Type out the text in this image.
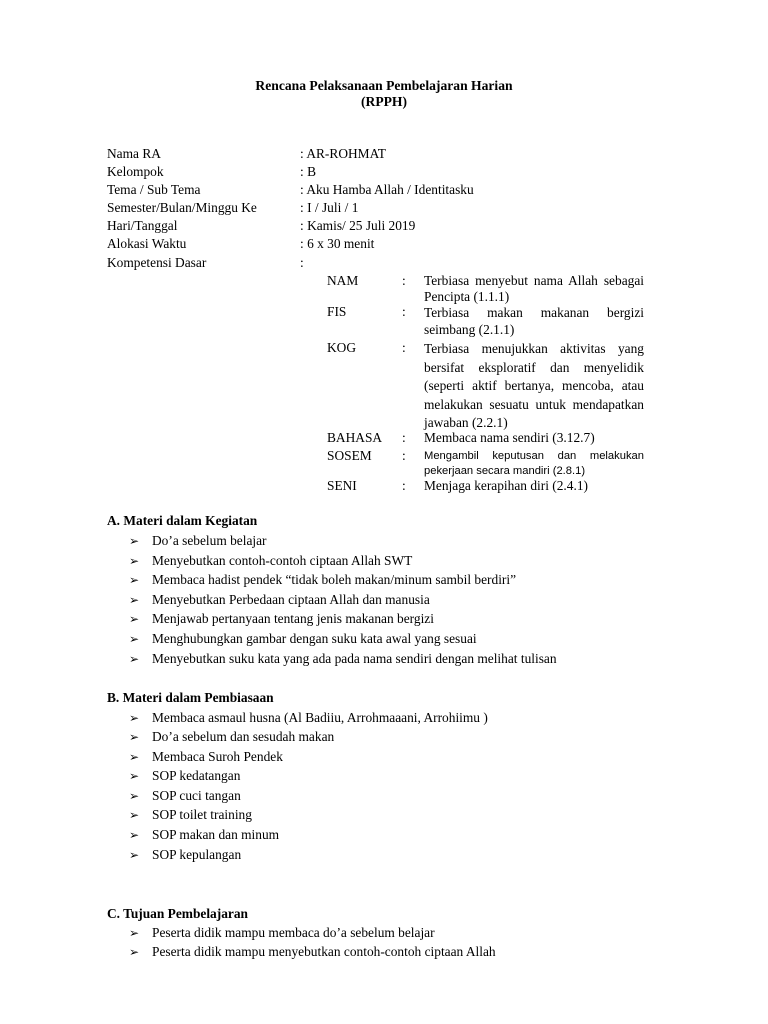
Rencana Pelaksanaan Pembelajaran Harian
(RPPH)
Nama RA	: AR-ROHMAT
Kelompok	: B
Tema / Sub Tema	: Aku Hamba Allah / Identitasku
Semester/Bulan/Minggu Ke	: I / Juli / 1
Hari/Tanggal	: Kamis/ 25 Juli 2019
Alokasi Waktu	: 6 x 30 menit
Kompetensi Dasar	:
NAM	: Terbiasa menyebut nama Allah sebagai Pencipta (1.1.1)
FIS	: Terbiasa makan makanan bergizi seimbang (2.1.1)
KOG	: Terbiasa menujukkan aktivitas yang bersifat eksploratif dan menyelidik (seperti aktif bertanya, mencoba, atau melakukan sesuatu untuk mendapatkan jawaban (2.2.1)
BAHASA : Membaca nama sendiri (3.12.7)
SOSEM : Mengambil keputusan dan melakukan pekerjaan secara mandiri (2.8.1)
SENI	: Menjaga kerapihan diri (2.4.1)
A. Materi dalam Kegiatan
➢ Do’a sebelum belajar
➢ Menyebutkan contoh-contoh ciptaan Allah SWT
➢ Membaca hadist pendek “tidak boleh makan/minum sambil berdiri”
➢ Menyebutkan Perbedaan ciptaan Allah dan manusia
➢ Menjawab pertanyaan tentang jenis makanan bergizi
➢ Menghubungkan gambar dengan suku kata awal yang sesuai
➢ Menyebutkan suku kata yang ada pada nama sendiri dengan melihat tulisan
B. Materi dalam Pembiasaan
➢ Membaca asmaul husna (Al Badiiu, Arrohmaaani, Arrohiimu )
➢ Do’a sebelum dan sesudah makan
➢ Membaca Suroh Pendek
➢ SOP kedatangan
➢ SOP cuci tangan
➢ SOP toilet training
➢ SOP makan dan minum
➢ SOP kepulangan
C. Tujuan Pembelajaran
➢ Peserta didik mampu membaca do’a sebelum belajar
➢ Peserta didik mampu menyebutkan contoh-contoh ciptaan Allah
